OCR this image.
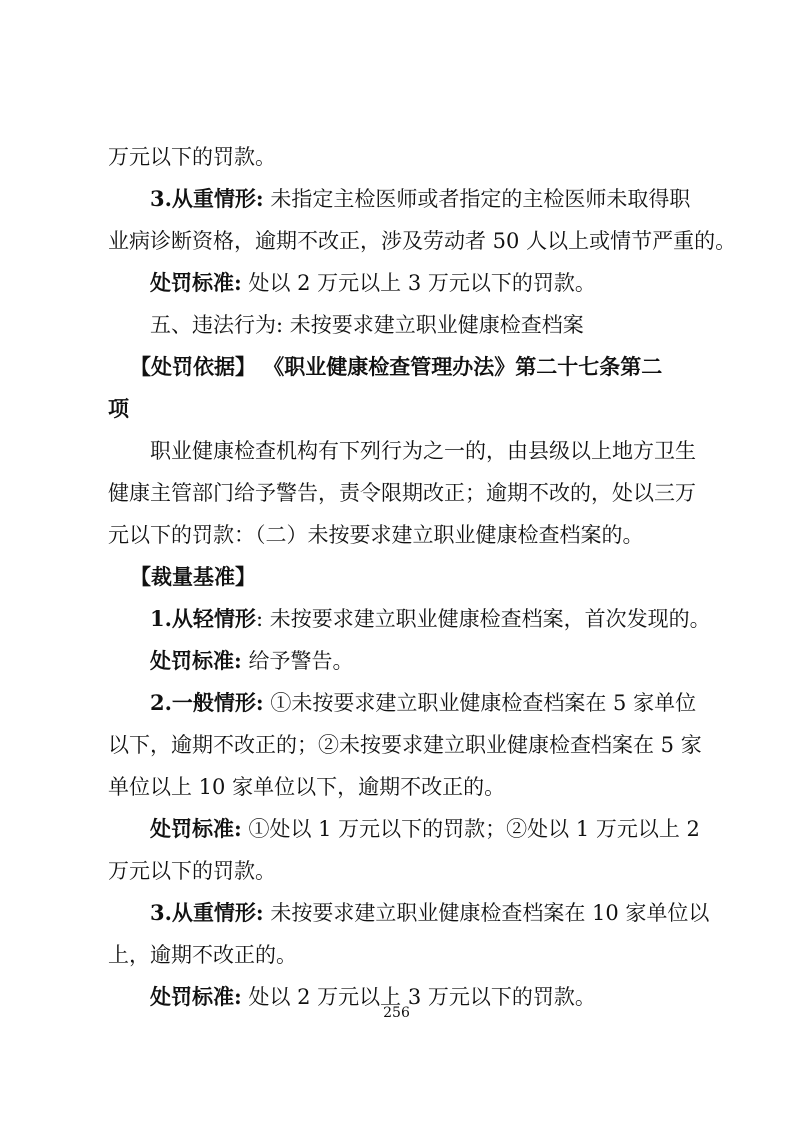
万元以下的罚款。
3.从重情形: 未指定主检医师或者指定的主检医师未取得职
业病诊断资格，逾期不改正，涉及劳动者 50 人以上或情节严重的。
处罚标准: 处以 2 万元以上 3 万元以下的罚款。
五、违法行为: 未按要求建立职业健康检查档案
【处罚依据】 《职业健康检查管理办法》第二十七条第二
项
职业健康检查机构有下列行为之一的，由县级以上地方卫生
健康主管部门给予警告，责令限期改正；逾期不改的，处以三万
元以下的罚款：（二）未按要求建立职业健康检查档案的。
【裁量基准】
1.从轻情形: 未按要求建立职业健康检查档案，首次发现的。
处罚标准: 给予警告。
2.一般情形: ①未按要求建立职业健康检查档案在 5 家单位
以下，逾期不改正的；②未按要求建立职业健康检查档案在 5 家
单位以上 10 家单位以下，逾期不改正的。
处罚标准: ①处以 1 万元以下的罚款；②处以 1 万元以上 2
万元以下的罚款。
3.从重情形: 未按要求建立职业健康检查档案在 10 家单位以
上，逾期不改正的。
处罚标准: 处以 2 万元以上 3 万元以下的罚款。
256
